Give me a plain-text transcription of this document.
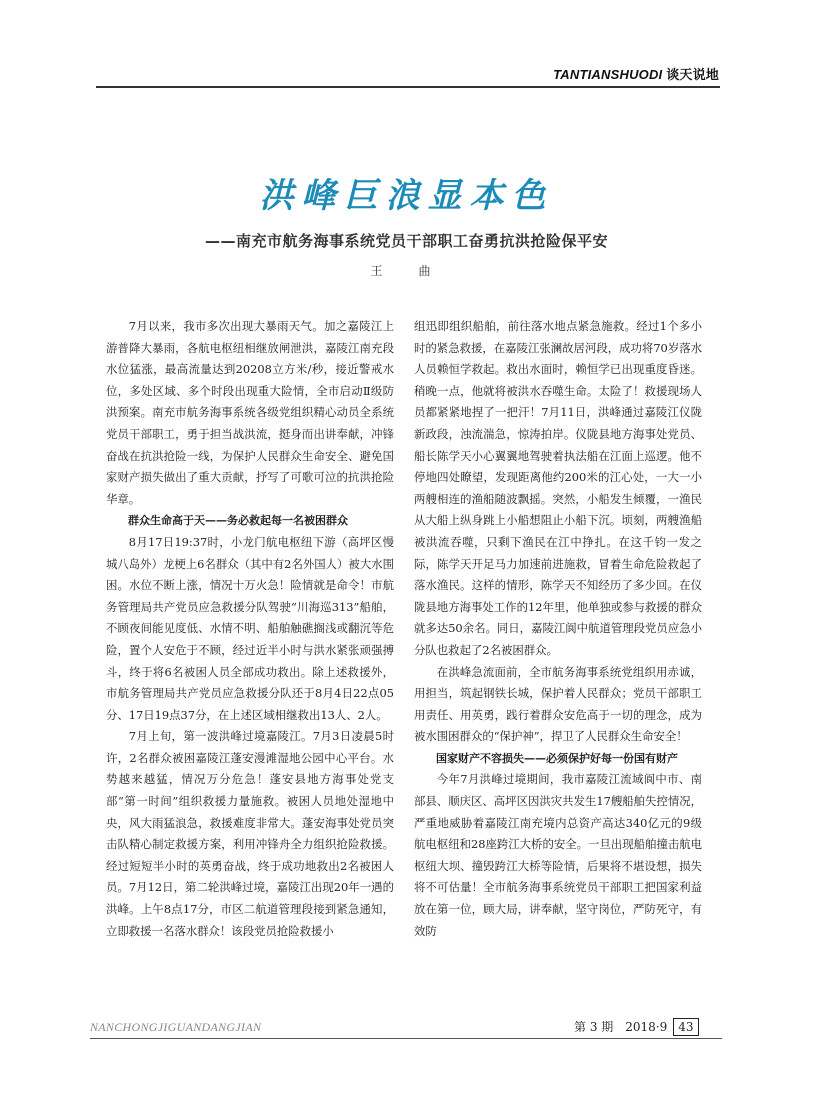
TANTIANSHUODI 谈天说地
洪峰巨浪显本色
——南充市航务海事系统党员干部职工奋勇抗洪抢险保平安
王　曲

7月以来，我市多次出现大暴雨天气。加之嘉陵江上游普降大暴雨，各航电枢纽相继放闸泄洪，嘉陵江南充段水位猛涨，最高流量达到20208立方米/秒，接近警戒水位，多处区域、多个时段出现重大险情，全市启动Ⅱ级防洪预案。南充市航务海事系统各级党组织精心动员全系统党员干部职工，勇于担当战洪流，挺身而出讲奉献，冲锋奋战在抗洪抢险一线，为保护人民群众生命安全、避免国家财产损失做出了重大贡献，抒写了可歌可泣的抗洪抢险华章。

群众生命高于天——务必救起每一名被困群众

8月17日19:37时，小龙门航电枢纽下游（高坪区慢城八岛外）龙梗上6名群众（其中有2名外国人）被大水围困。水位不断上涨，情况十万火急！险情就是命令！市航务管理局共产党员应急救援分队驾驶“川海巡313”船舶，不顾夜间能见度低、水情不明、船舶触礁搁浅或翻沉等危险，置个人安危于不顾，经过近半小时与洪水紧张顽强搏斗，终于将6名被困人员全部成功救出。除上述救援外，市航务管理局共产党员应急救援分队还于8月4日22点05分、17日19点37分，在上述区域相继救出13人、2人。

7月上旬，第一波洪峰过境嘉陵江。7月3日凌晨5时许，2名群众被困嘉陵江蓬安漫滩湿地公园中心平台。水势越来越猛，情况万分危急！蓬安县地方海事处党支部“第一时间”组织救援力量施救。被困人员地处湿地中央，风大雨猛浪急，救援难度非常大。蓬安海事处党员突击队精心制定救援方案，利用冲锋舟全力组织抢险救援。经过短短半小时的英勇奋战，终于成功地救出2名被困人员。7月12日，第二轮洪峰过境，嘉陵江出现20年一遇的洪峰。上午8点17分，市区二航道管理段接到紧急通知，立即救援一名落水群众！该段党员抢险救援小

组迅即组织船舶，前往落水地点紧急施救。经过1个多小时的紧急救援，在嘉陵江张澜故居河段，成功将70岁落水人员赖恒学救起。救出水面时，赖恒学已出现重度昏迷。稍晚一点，他就将被洪水吞噬生命。太险了！救援现场人员都紧紧地捏了一把汗！7月11日，洪峰通过嘉陵江仪陇新政段，浊流湍急，惊涛拍岸。仪陇县地方海事处党员、船长陈学天小心翼翼地驾驶着执法船在江面上巡逻。他不停地四处瞭望，发现距离他约200米的江心处，一大一小两艘相连的渔船随波飘摇。突然，小船发生倾覆，一渔民从大船上纵身跳上小船想阻止小船下沉。顷刻，两艘渔船被洪流吞噬，只剩下渔民在江中挣扎。在这千钧一发之际，陈学天开足马力加速前进施救，冒着生命危险救起了落水渔民。这样的情形，陈学天不知经历了多少回。在仪陇县地方海事处工作的12年里，他单独或参与救援的群众就多达50余名。同日，嘉陵江阆中航道管理段党员应急小分队也救起了2名被困群众。

在洪峰急流面前，全市航务海事系统党组织用赤诚，用担当，筑起钢铁长城，保护着人民群众；党员干部职工用责任、用英勇，践行着群众安危高于一切的理念，成为被水围困群众的“保护神”，捍卫了人民群众生命安全！

国家财产不容损失——必须保护好每一份国有财产

今年7月洪峰过境期间，我市嘉陵江流域阆中市、南部县、顺庆区、高坪区因洪灾共发生17艘船舶失控情况，严重地威胁着嘉陵江南充境内总资产高达340亿元的9级航电枢纽和28座跨江大桥的安全。一旦出现船舶撞击航电枢纽大坝、撞毁跨江大桥等险情，后果将不堪设想，损失将不可估量！全市航务海事系统党员干部职工把国家利益放在第一位，顾大局，讲奉献，坚守岗位，严防死守，有效防

NANCHONGJIGUANDANGJIAN	第 3 期　2018·9 43
